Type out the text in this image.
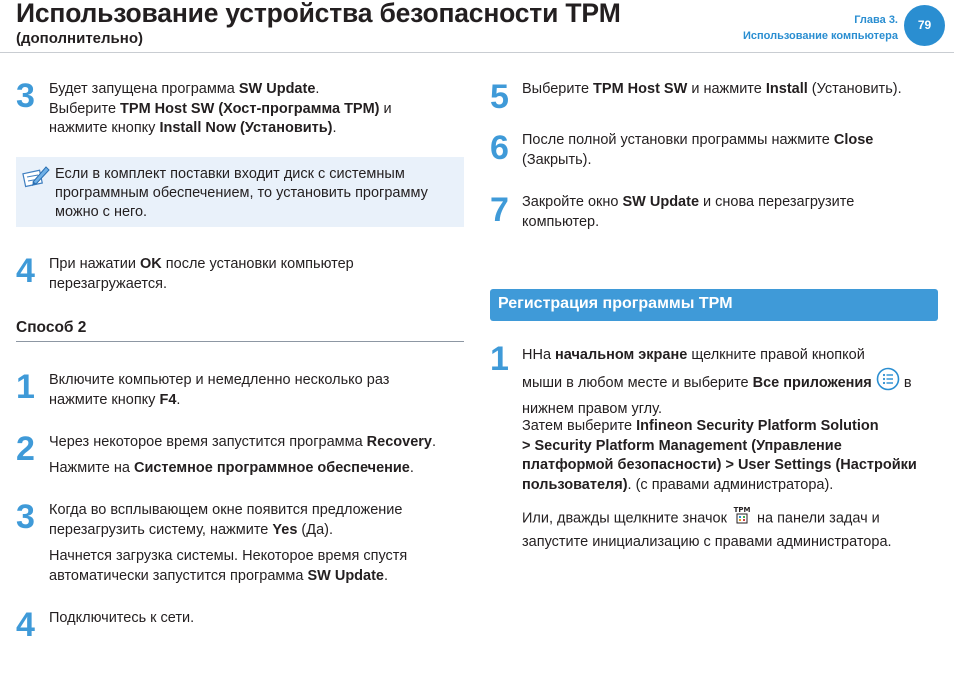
Использование устройства безопасности TPM
(дополнительно)
Глава 3.
Использование компьютера
79
3 Будет запущена программа SW Update.
Выберите TPM Host SW (Хост-программа TPM) и
нажмите кнопку Install Now (Установить).
Если в комплект поставки входит диск с системным
программным обеспечением, то установить программу
можно с него.
4 При нажатии OK после установки компьютер
перезагружается.
Способ 2
1 Включите компьютер и немедленно несколько раз
нажмите кнопку F4.
2 Через некоторое время запустится программа Recovery.
Нажмите на Системное программное обеспечение.
3 Когда во всплывающем окне появится предложение
перезагрузить систему, нажмите Yes (Да).
Начнется загрузка системы. Некоторое время спустя
автоматически запустится программа SW Update.
4 Подключитесь к сети.
5 Выберите TPM Host SW и нажмите Install (Установить).
6 После полной установки программы нажмите Close
(Закрыть).
7 Закройте окно SW Update и снова перезагрузите
компьютер.
Регистрация программы TPM
1 ННа начальном экране щелкните правой кнопкой
мыши в любом месте и выберите Все приложения  в
нижнем правом углу.
Затем выберите Infineon Security Platform Solution
> Security Platform Management (Управление
платформой безопасности) > User Settings (Настройки
пользователя). (с правами администратора).
Или, дважды щелкните значок
TPM
на панели задач и
запустите инициализацию с правами администратора.
